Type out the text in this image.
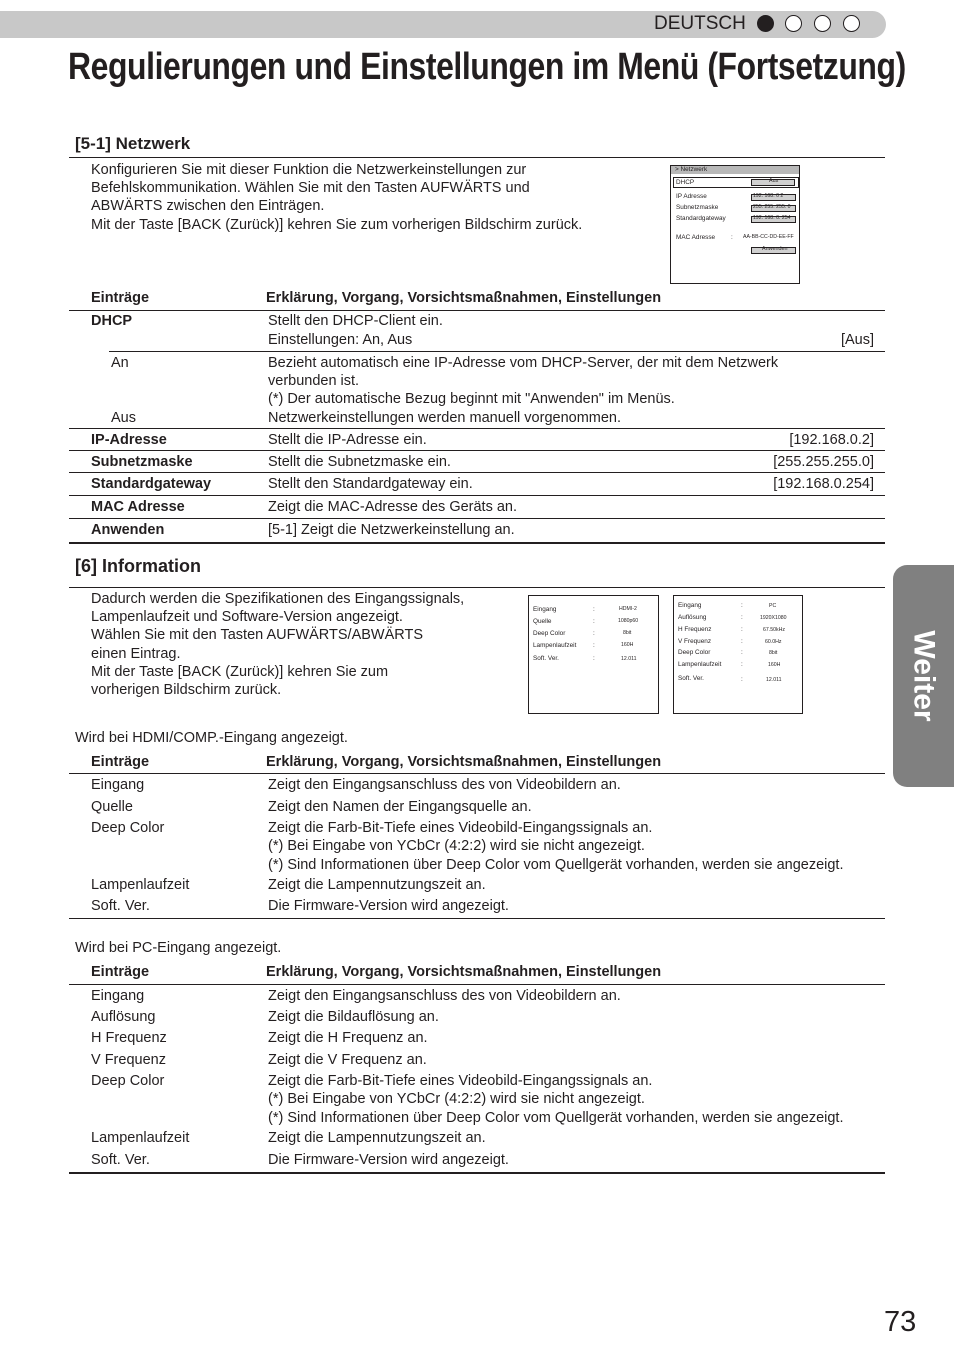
DEUTSCH
Regulierungen und Einstellungen im Menü (Fortsetzung)
Weiter
73
[5-1] Netzwerk
Konfigurieren Sie mit dieser Funktion die Netzwerkeinstellungen zur
Befehlskommunikation. Wählen Sie mit den Tasten AUFWÄRTS und
ABWÄRTS zwischen den Einträgen.
Mit der Taste [BACK (Zurück)] kehren Sie zum vorherigen Bildschirm zurück.
> Netzwerk
DHCP	Aus
IP Adresse	192. 168. 0 2
Subnetzmaske	255. 255. 255. 0
Standardgateway	192. 168. 0. 254
MAC Adresse : AA-BB-CC-DD-EE-FF
Anwenden
Einträge	Erklärung, Vorgang, Vorsichtsmaßnahmen, Einstellungen
DHCP	Stellt den DHCP-Client ein.
Einstellungen: An, Aus	[Aus]
An	Bezieht automatisch eine IP-Adresse vom DHCP-Server, der mit dem Netzwerk
verbunden ist.
(*) Der automatische Bezug beginnt mit "Anwenden" im Menüs.
Aus	Netzwerkeinstellungen werden manuell vorgenommen.
IP-Adresse	Stellt die IP-Adresse ein.	[192.168.0.2]
Subnetzmaske	Stellt die Subnetzmaske ein.	[255.255.255.0]
Standardgateway	Stellt den Standardgateway ein.	[192.168.0.254]
MAC Adresse	Zeigt die MAC-Adresse des Geräts an.
Anwenden	[5-1] Zeigt die Netzwerkeinstellung an.
[6] Information
Dadurch werden die Spezifikationen des Eingangssignals,
Lampenlaufzeit und Software-Version angezeigt.
Wählen Sie mit den Tasten AUFWÄRTS/ABWÄRTS
einen Eintrag.
Mit der Taste [BACK (Zurück)] kehren Sie zum
vorherigen Bildschirm zurück.
Eingang	:	HDMI-2
Quelle	:	1080p60
Deep Color	:	8bit
Lampenlaufzeit	:	160H
Soft. Ver.	:	12.011
Eingang	:	PC
Auflösung	:	1920X1080
H Frequenz	:	67.50kHz
V Frequenz	:	60.0Hz
Deep Color	:	8bit
Lampenlaufzeit	:	160H
Soft. Ver.	:	12.011
Wird bei HDMI/COMP.-Eingang angezeigt.
Einträge	Erklärung, Vorgang, Vorsichtsmaßnahmen, Einstellungen
Eingang	Zeigt den Eingangsanschluss des von Videobildern an.
Quelle	Zeigt den Namen der Eingangsquelle an.
Deep Color	Zeigt die Farb-Bit-Tiefe eines Videobild-Eingangssignals an.
(*) Bei Eingabe von YCbCr (4:2:2) wird sie nicht angezeigt.
(*) Sind Informationen über Deep Color vom Quellgerät vorhanden, werden sie angezeigt.
Lampenlaufzeit	Zeigt die Lampennutzungszeit an.
Soft. Ver.	Die Firmware-Version wird angezeigt.
Wird bei PC-Eingang angezeigt.
Einträge	Erklärung, Vorgang, Vorsichtsmaßnahmen, Einstellungen
Eingang	Zeigt den Eingangsanschluss des von Videobildern an.
Auflösung	Zeigt die Bildauflösung an.
H Frequenz	Zeigt die H Frequenz an.
V Frequenz	Zeigt die V Frequenz an.
Deep Color	Zeigt die Farb-Bit-Tiefe eines Videobild-Eingangssignals an.
(*) Bei Eingabe von YCbCr (4:2:2) wird sie nicht angezeigt.
(*) Sind Informationen über Deep Color vom Quellgerät vorhanden, werden sie angezeigt.
Lampenlaufzeit	Zeigt die Lampennutzungszeit an.
Soft. Ver.	Die Firmware-Version wird angezeigt.
